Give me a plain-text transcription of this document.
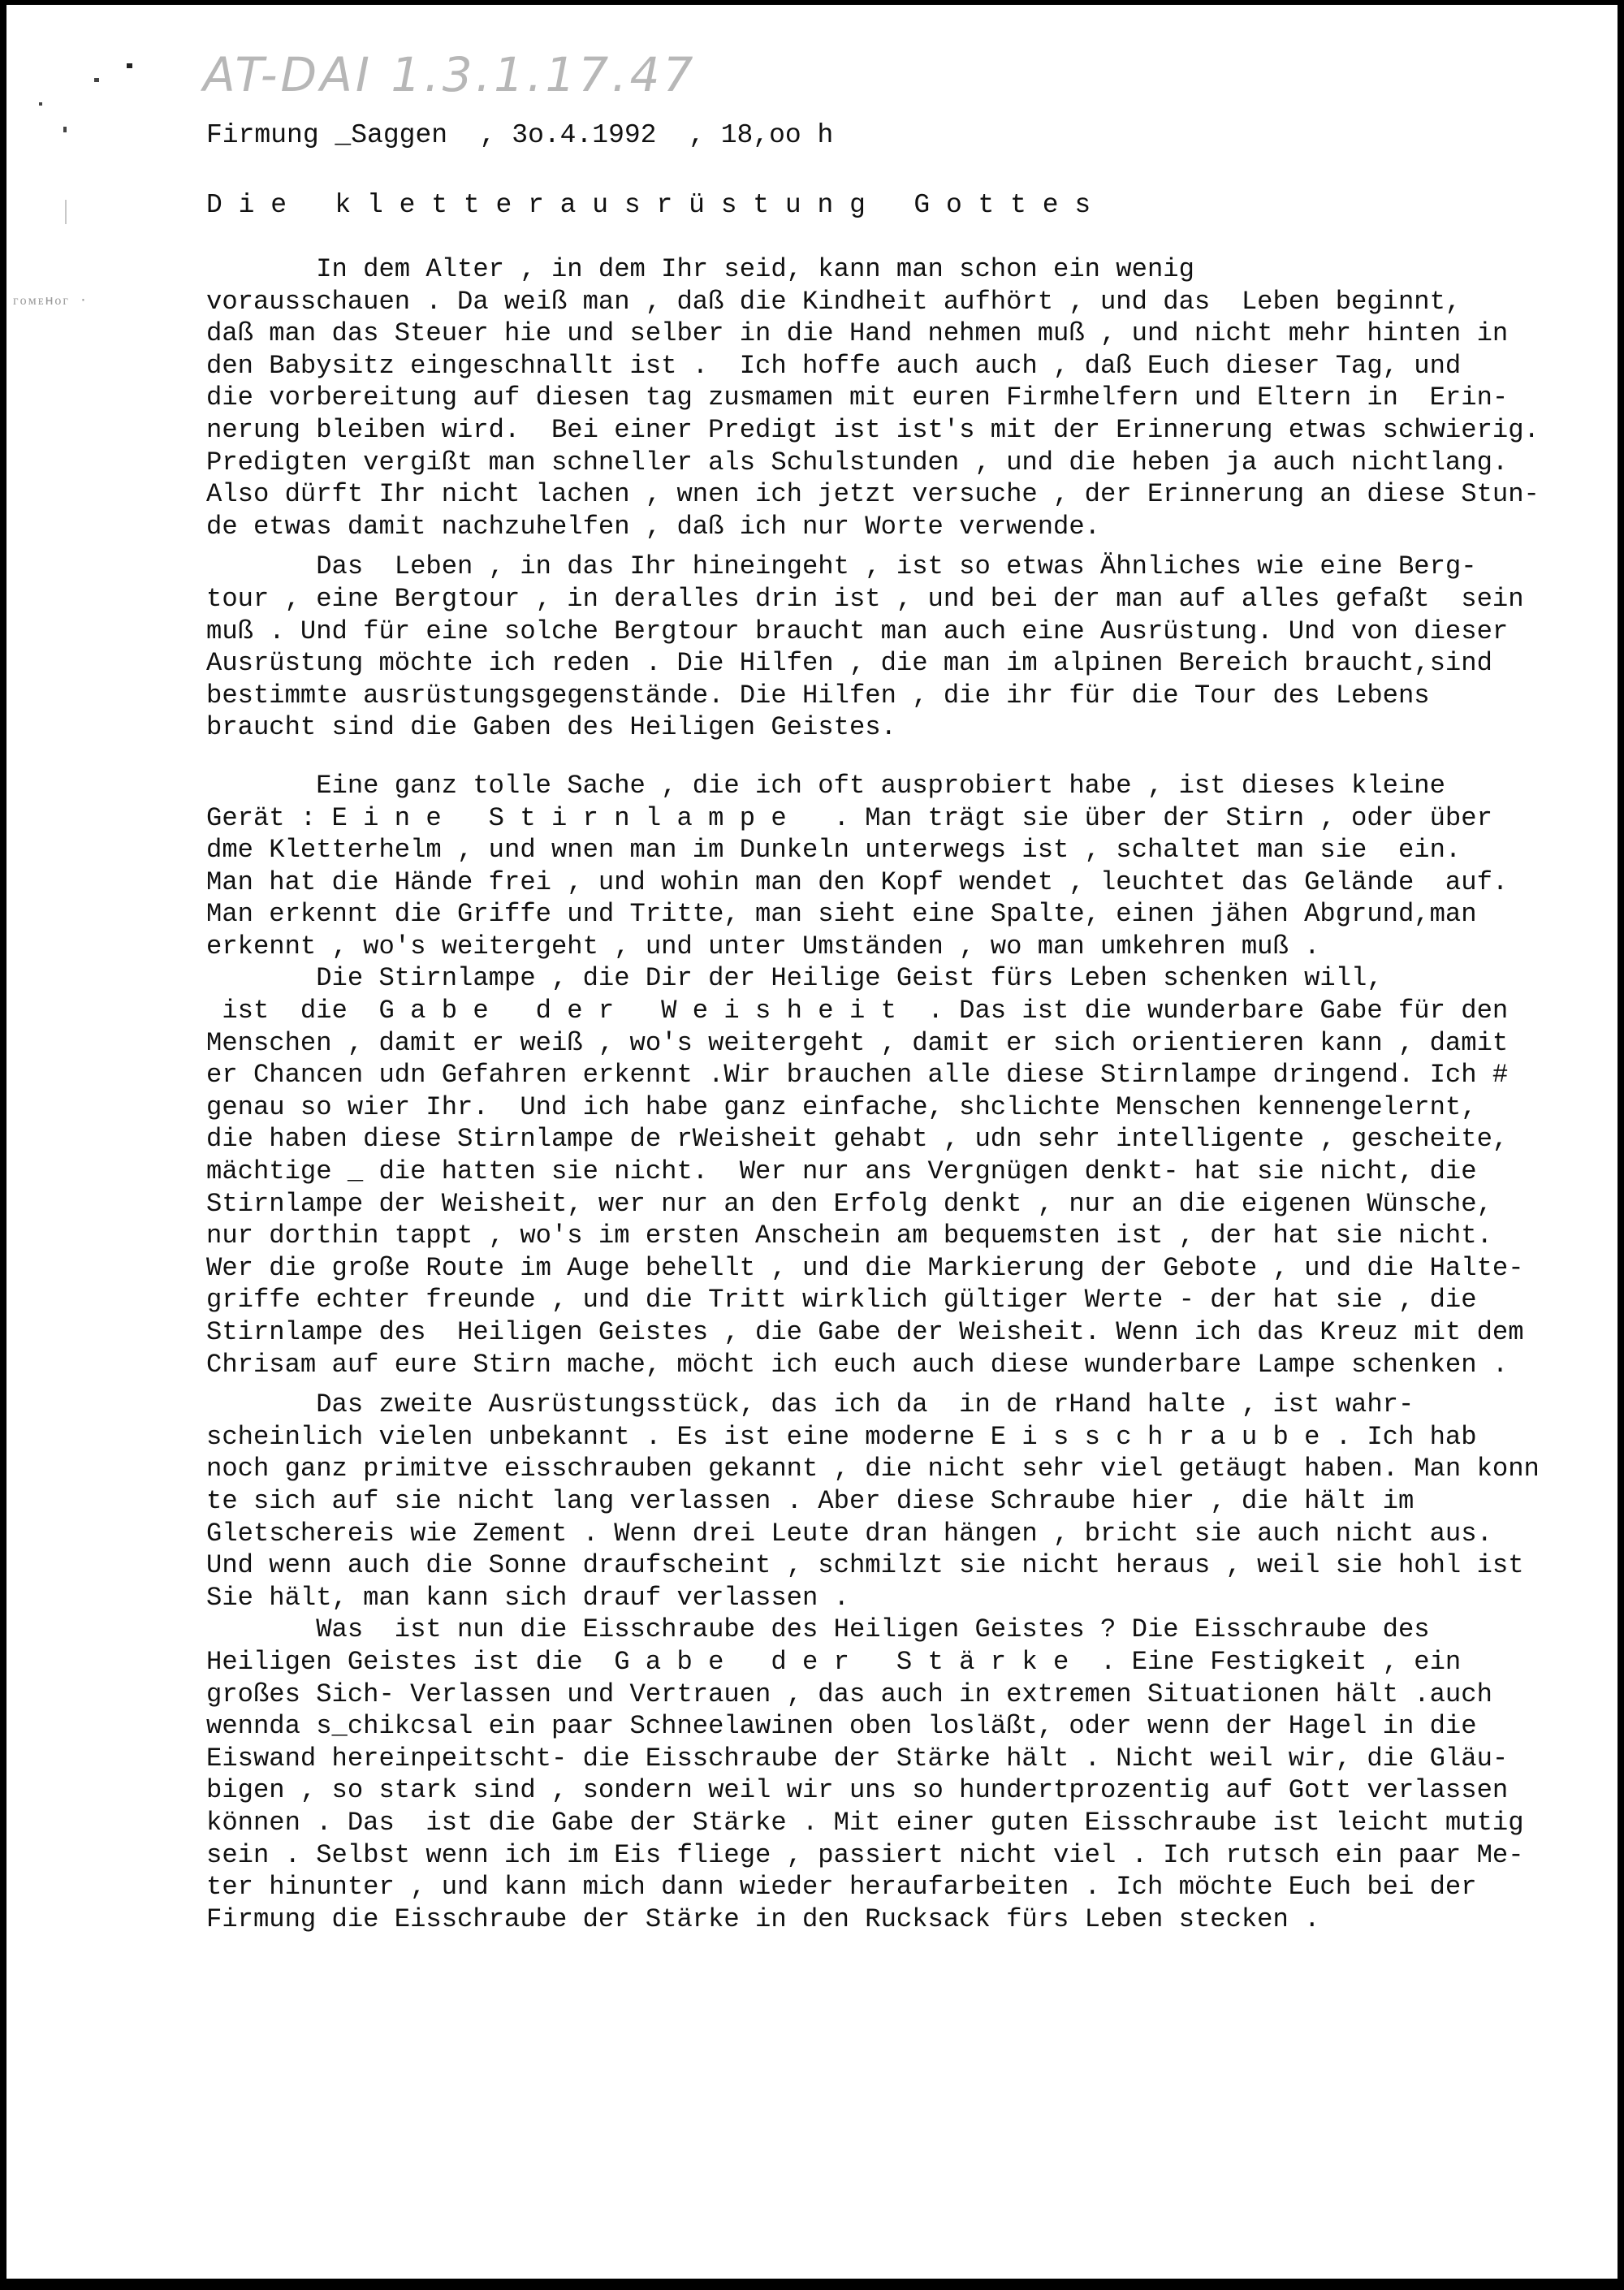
AT-DAI 1.3.1.17.47
ᴦᴏᴍᴇʜᴏᴦ ·
Firmung _Saggen  , 3o.4.1992  , 18,oo h
D i e   k l e t t e r a u s r ü s t u n g   G o t t e s
In dem Alter , in dem Ihr seid, kann man schon ein wenig
vorausschauen . Da weiß man , daß die Kindheit aufhört , und das  Leben beginnt,
daß man das Steuer hie und selber in die Hand nehmen muß , und nicht mehr hinten in
den Babysitz eingeschnallt ist .  Ich hoffe auch auch , daß Euch dieser Tag, und
die vorbereitung auf diesen tag zusmamen mit euren Firmhelfern und Eltern in  Erin-
nerung bleiben wird.  Bei einer Predigt ist ist's mit der Erinnerung etwas schwierig.
Predigten vergißt man schneller als Schulstunden , und die heben ja auch nichtlang.
Also dürft Ihr nicht lachen , wnen ich jetzt versuche , der Erinnerung an diese Stun-
de etwas damit nachzuhelfen , daß ich nur Worte verwende.
Das  Leben , in das Ihr hineingeht , ist so etwas Ähnliches wie eine Berg-
tour , eine Bergtour , in deralles drin ist , und bei der man auf alles gefaßt  sein
muß . Und für eine solche Bergtour braucht man auch eine Ausrüstung. Und von dieser
Ausrüstung möchte ich reden . Die Hilfen , die man im alpinen Bereich braucht,sind
bestimmte ausrüstungsgegenstände. Die Hilfen , die ihr für die Tour des Lebens
braucht sind die Gaben des Heiligen Geistes.
Eine ganz tolle Sache , die ich oft ausprobiert habe , ist dieses kleine
Gerät : E i n e   S t i r n l a m p e   . Man trägt sie über der Stirn , oder über
dme Kletterhelm , und wnen man im Dunkeln unterwegs ist , schaltet man sie  ein.
Man hat die Hände frei , und wohin man den Kopf wendet , leuchtet das Gelände  auf.
Man erkennt die Griffe und Tritte, man sieht eine Spalte, einen jähen Abgrund,man
erkennt , wo's weitergeht , und unter Umständen , wo man umkehren muß .
Die Stirnlampe , die Dir der Heilige Geist fürs Leben schenken will,
ist  die  G a b e   d e r   W e i s h e i t  . Das ist die wunderbare Gabe für den
Menschen , damit er weiß , wo's weitergeht , damit er sich orientieren kann , damit
er Chancen udn Gefahren erkennt .Wir brauchen alle diese Stirnlampe dringend. Ich #
genau so wier Ihr.  Und ich habe ganz einfache, shclichte Menschen kennengelernt,
die haben diese Stirnlampe de rWeisheit gehabt , udn sehr intelligente , gescheite,
mächtige _ die hatten sie nicht.  Wer nur ans Vergnügen denkt- hat sie nicht, die
Stirnlampe der Weisheit, wer nur an den Erfolg denkt , nur an die eigenen Wünsche,
nur dorthin tappt , wo's im ersten Anschein am bequemsten ist , der hat sie nicht.
Wer die große Route im Auge behellt , und die Markierung der Gebote , und die Halte-
griffe echter freunde , und die Tritt wirklich gültiger Werte - der hat sie , die
Stirnlampe des  Heiligen Geistes , die Gabe der Weisheit. Wenn ich das Kreuz mit dem
Chrisam auf eure Stirn mache, möcht ich euch auch diese wunderbare Lampe schenken .
Das zweite Ausrüstungsstück, das ich da  in de rHand halte , ist wahr-
scheinlich vielen unbekannt . Es ist eine moderne E i s s c h r a u b e . Ich hab
noch ganz primitve eisschrauben gekannt , die nicht sehr viel getäugt haben. Man konn
te sich auf sie nicht lang verlassen . Aber diese Schraube hier , die hält im
Gletschereis wie Zement . Wenn drei Leute dran hängen , bricht sie auch nicht aus.
Und wenn auch die Sonne draufscheint , schmilzt sie nicht heraus , weil sie hohl ist
Sie hält, man kann sich drauf verlassen .
Was  ist nun die Eisschraube des Heiligen Geistes ? Die Eisschraube des
Heiligen Geistes ist die  G a b e   d e r   S t ä r k e  . Eine Festigkeit , ein
großes Sich- Verlassen und Vertrauen , das auch in extremen Situationen hält .auch
wennda s_chikcsal ein paar Schneelawinen oben losläßt, oder wenn der Hagel in die
Eiswand hereinpeitscht- die Eisschraube der Stärke hält . Nicht weil wir, die Gläu-
bigen , so stark sind , sondern weil wir uns so hundertprozentig auf Gott verlassen
können . Das  ist die Gabe der Stärke . Mit einer guten Eisschraube ist leicht mutig
sein . Selbst wenn ich im Eis fliege , passiert nicht viel . Ich rutsch ein paar Me-
ter hinunter , und kann mich dann wieder heraufarbeiten . Ich möchte Euch bei der
Firmung die Eisschraube der Stärke in den Rucksack fürs Leben stecken .
